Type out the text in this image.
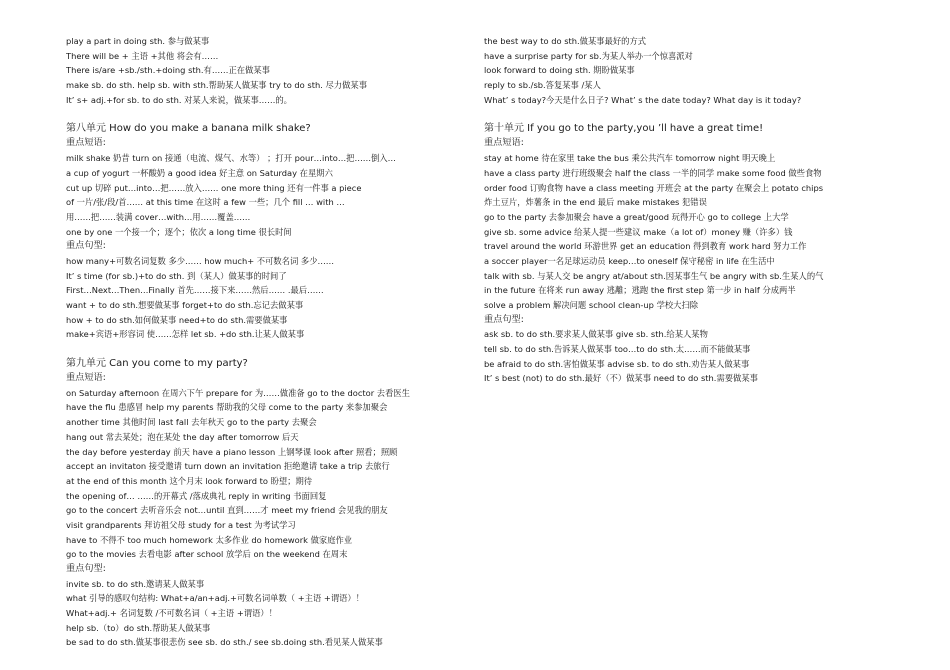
play a part in doing sth. 参与做某事
There will be + 主语 +其他 将会有……
There is/are +sb./sth.+doing sth.有……正在做某事
make sb. do sth. help sb. with sth.帮助某人做某事 try to do sth. 尽力做某事
It’ s+ adj.+for sb. to do sth. 对某人来说，做某事……的。
第八单元 How do you make a banana milk shake?
重点短语:
milk shake 奶昔 turn on 接通（电流、煤气、水等） ；打开 pour…into…把……倒入…
a cup of yogurt 一杯酸奶 a good idea 好主意 on Saturday 在星期六
cut up 切碎 put…into…把……放入…… one more thing 还有一件事 a piece
of 一片/张/段/首…… at this time 在这时 a few 一些；几个 fill … with …
用……把……装满 cover…with…用……覆盖……
one by one 一个接一个；逐个；依次 a long time 很长时间
重点句型:
how many+可数名词复数 多少…… how much+ 不可数名词 多少……
It’ s time (for sb.)+to do sth. 到（某人）做某事的时间了
First…Next…Then…Finally 首先……接下来……然后…… .最后……
want + to do sth.想要做某事 forget+to do sth.忘记去做某事
how + to do sth.如何做某事 need+to do sth.需要做某事
make+宾语+形容词 使……怎样 let sb. +do sth.让某人做某事
第九单元 Can you come to my party?
重点短语:
on Saturday afternoon 在周六下午 prepare for 为……做准备 go to the doctor 去看医生
have the flu 患感冒 help my parents 帮助我的父母 come to the party 来参加聚会
another time 其他时间 last fall 去年秋天 go to the party 去聚会
hang out 常去某处；泡在某处 the day after tomorrow 后天
the day before yesterday 前天 have a piano lesson 上钢琴课 look after 照看；照顾
accept an invitaton 接受邀请 turn down an invitation 拒绝邀请 take a trip 去旅行
at the end of this month 这个月末 look forward to 盼望；期待
the opening of… ……的开幕式 /落成典礼 reply in writing 书面回复
go to the concert 去听音乐会 not…until 直到……才 meet my friend 会见我的朋友
visit grandparents 拜访祖父母 study for a test 为考试学习
have to 不得不 too much homework 太多作业 do homework 做家庭作业
go to the movies 去看电影 after school 放学后 on the weekend 在周末
重点句型:
invite sb. to do sth.邀请某人做某事
what 引导的感叹句结构: What+a/an+adj.+可数名词单数（ +主语 +谓语）！
What+adj.+ 名词复数 /不可数名词（ +主语 +谓语）！
help sb.（to）do sth.帮助某人做某事
be sad to do sth.做某事很悲伤 see sb. do sth./ see sb.doing sth.看见某人做某事
the best way to do sth.做某事最好的方式
have a surprise party for sb.为某人举办一个惊喜派对
look forward to doing sth. 期盼做某事
reply to sb./sb.答复某事 /某人
What’ s today?今天是什么日子? What’ s the date today? What day is it today?
第十单元 If you go to the party,you ’ll have a great time!
重点短语:
stay at home 待在家里 take the bus 乘公共汽车 tomorrow night 明天晚上
have a class party 进行班级聚会 half the class 一半的同学 make some food 做些食物
order food 订购食物 have a class meeting 开班会 at the party 在聚会上 potato chips
炸土豆片，炸薯条 in the end 最后 make mistakes 犯错误
go to the party 去参加聚会 have a great/good 玩得开心 go to college 上大学
give sb. some advice 给某人提一些建议 make（a lot of）money 赚（许多）钱
travel around the world 环游世界 get an education 得到教育 work hard 努力工作
a soccer player一名足球运动员 keep…to oneself 保守秘密 in life 在生活中
talk with sb. 与某人交 be angry at/about sth.因某事生气 be angry with sb.生某人的气
in the future 在将来 run away 逃離；逃跑 the first step 第一步 in half 分成两半
solve a problem 解决问题 school clean-up 学校大扫除
重点句型:
ask sb. to do sth.要求某人做某事 give sb. sth.给某人某物
tell sb. to do sth.告诉某人做某事 too…to do sth.太……而不能做某事
be afraid to do sth.害怕做某事 advise sb. to do sth.劝告某人做某事
It’ s best (not) to do sth.最好（不）做某事 need to do sth.需要做某事
